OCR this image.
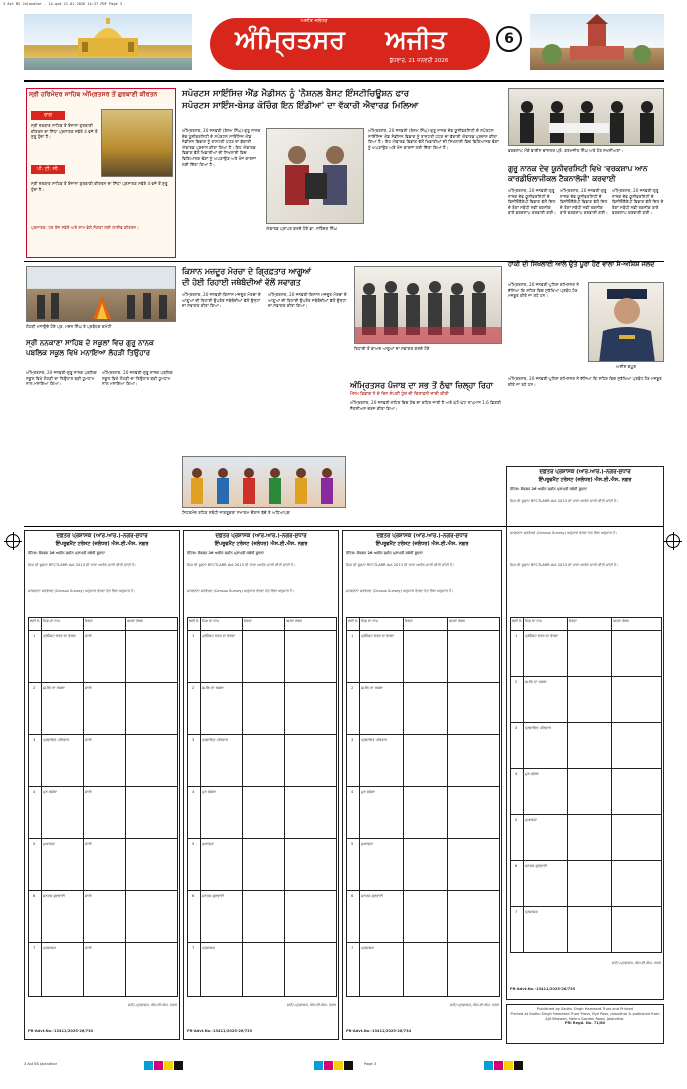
3 Ast BS Jalandhar - 1G.qxd 21.01.2026 14:37 PDF Page 3
ਅਜੀਤ ਜਲੰਧਰ
ਅੰਮ੍ਰਿਤਸਰ	ਅਜੀਤ
ਬੁੱਧਵਾਰ, 21 ਜਨਵਰੀ 2026
6
ਸ੍ਰੀ ਹਰਿਮੰਦਰ ਸਾਹਿਬ ਅੰਮ੍ਰਿਤਸਰ ਤੋਂ ਗੁਰਬਾਣੀ ਕੀਰਤਨ
ਰਾਗ
ਸ੍ਰੀ ਦਰਬਾਰ ਸਾਹਿਬ ਤੋਂ ਰੋਜ਼ਾਨਾ ਗੁਰਬਾਣੀ ਕੀਰਤਨ ਦਾ ਸਿੱਧਾ ਪ੍ਰਸਾਰਣ ਸਵੇਰੇ 4 ਵਜੇ ਤੋਂ ਸ਼ੁਰੂ ਹੁੰਦਾ ਹੈ।
ਪੀ. ਟੀ. ਸੀ.
ਸ੍ਰੀ ਦਰਬਾਰ ਸਾਹਿਬ ਤੋਂ ਰੋਜ਼ਾਨਾ ਗੁਰਬਾਣੀ ਕੀਰਤਨ ਦਾ ਸਿੱਧਾ ਪ੍ਰਸਾਰਣ ਸਵੇਰੇ 4 ਵਜੇ ਤੋਂ ਸ਼ੁਰੂ ਹੁੰਦਾ ਹੈ।
ਪ੍ਰਸਾਰਣ: ਹਰ ਰੋਜ਼ ਸਵੇਰੇ ਅਤੇ ਸ਼ਾਮ ਵੇਲੇ ਸੰਗਤਾਂ ਲਈ ਲਾਈਵ ਕੀਰਤਨ।
ਸਪੋਰਟਸ ਸਾਇੰਸਿਜ਼ ਐਂਡ ਮੈਡੀਸਨ ਨੂੰ 'ਨੈਸ਼ਨਲ ਬੈਸਟ ਇੰਸਟੀਚਿਊਸ਼ਨ ਫਾਰ
ਸਪੋਰਟਸ ਸਾਇੰਸ-ਬੇਸਡ ਕੋਚਿੰਗ ਇਨ ਇੰਡੀਆ' ਦਾ ਵੱਕਾਰੀ ਐਵਾਰਡ ਮਿਲਿਆ
ਅੰਮ੍ਰਿਤਸਰ, 20 ਜਨਵਰੀ (ਰੇਸ਼ਮ ਸਿੰਘ)-ਗੁਰੂ ਨਾਨਕ ਦੇਵ ਯੂਨੀਵਰਸਿਟੀ ਦੇ ਸਪੋਰਟਸ ਸਾਇੰਸਿਜ਼ ਐਂਡ ਮੈਡੀਸਨ ਵਿਭਾਗ ਨੂੰ ਰਾਸ਼ਟਰੀ ਪੱਧਰ ਦਾ ਵੱਕਾਰੀ ਐਵਾਰਡ ਪ੍ਰਦਾਨ ਕੀਤਾ ਗਿਆ ਹੈ। ਇਹ ਐਵਾਰਡ ਵਿਭਾਗ ਵੱਲੋਂ ਖਿਡਾਰੀਆਂ ਦੀ ਸਿਖਲਾਈ ਵਿਚ ਵਿਗਿਆਨਕ ਢੰਗਾਂ ਨੂੰ ਅਪਣਾਉਣ ਅਤੇ ਖੋਜ ਕਾਰਜਾਂ ਲਈ ਦਿੱਤਾ ਗਿਆ ਹੈ।
ਐਵਾਰਡ ਪ੍ਰਾਪਤ ਕਰਦੇ ਹੋਏ ਡਾ. ਸਤਿੰਦਰ ਸਿੰਘ
ਅੰਮ੍ਰਿਤਸਰ, 20 ਜਨਵਰੀ (ਰੇਸ਼ਮ ਸਿੰਘ)-ਗੁਰੂ ਨਾਨਕ ਦੇਵ ਯੂਨੀਵਰਸਿਟੀ ਦੇ ਸਪੋਰਟਸ ਸਾਇੰਸਿਜ਼ ਐਂਡ ਮੈਡੀਸਨ ਵਿਭਾਗ ਨੂੰ ਰਾਸ਼ਟਰੀ ਪੱਧਰ ਦਾ ਵੱਕਾਰੀ ਐਵਾਰਡ ਪ੍ਰਦਾਨ ਕੀਤਾ ਗਿਆ ਹੈ। ਇਹ ਐਵਾਰਡ ਵਿਭਾਗ ਵੱਲੋਂ ਖਿਡਾਰੀਆਂ ਦੀ ਸਿਖਲਾਈ ਵਿਚ ਵਿਗਿਆਨਕ ਢੰਗਾਂ ਨੂੰ ਅਪਣਾਉਣ ਅਤੇ ਖੋਜ ਕਾਰਜਾਂ ਲਈ ਦਿੱਤਾ ਗਿਆ ਹੈ।
ਵਰਕਸ਼ਾਪ ਮੌਕੇ ਵਾਈਸ ਚਾਂਸਲਰ ਪ੍ਰੋ. ਕਰਮਜੀਤ ਸਿੰਘ ਅਤੇ ਹੋਰ ਸ਼ਖਸੀਅਤਾਂ।
ਗੁਰੂ ਨਾਨਕ ਦੇਵ ਯੂਨੀਵਰਸਿਟੀ ਵਿਖੇ 'ਵਰਕਸ਼ਾਪ ਆਨ ਕਾਰਡੀਓਲਾਜੀਕਲ ਟੈਕਨਾਲੋਜੀ' ਕਰਵਾਈ
ਅੰਮ੍ਰਿਤਸਰ, 20 ਜਨਵਰੀ-ਗੁਰੂ ਨਾਨਕ ਦੇਵ ਯੂਨੀਵਰਸਿਟੀ ਦੇ ਫਿਜ਼ੀਓਥੈਰੇਪੀ ਵਿਭਾਗ ਵੱਲੋਂ ਦਿਲ ਦੇ ਰੋਗਾਂ ਸਬੰਧੀ ਨਵੀਂ ਤਕਨੀਕ ਬਾਰੇ ਵਰਕਸ਼ਾਪ ਕਰਵਾਈ ਗਈ।
ਅੰਮ੍ਰਿਤਸਰ, 20 ਜਨਵਰੀ-ਗੁਰੂ ਨਾਨਕ ਦੇਵ ਯੂਨੀਵਰਸਿਟੀ ਦੇ ਫਿਜ਼ੀਓਥੈਰੇਪੀ ਵਿਭਾਗ ਵੱਲੋਂ ਦਿਲ ਦੇ ਰੋਗਾਂ ਸਬੰਧੀ ਨਵੀਂ ਤਕਨੀਕ ਬਾਰੇ ਵਰਕਸ਼ਾਪ ਕਰਵਾਈ ਗਈ।
ਅੰਮ੍ਰਿਤਸਰ, 20 ਜਨਵਰੀ-ਗੁਰੂ ਨਾਨਕ ਦੇਵ ਯੂਨੀਵਰਸਿਟੀ ਦੇ ਫਿਜ਼ੀਓਥੈਰੇਪੀ ਵਿਭਾਗ ਵੱਲੋਂ ਦਿਲ ਦੇ ਰੋਗਾਂ ਸਬੰਧੀ ਨਵੀਂ ਤਕਨੀਕ ਬਾਰੇ ਵਰਕਸ਼ਾਪ ਕਰਵਾਈ ਗਈ।
ਲੋਹੜੀ ਮਨਾਉਂਦੇ ਹੋਏ ਪ੍ਰ. ਮਦਨ ਸਿੰਘ ਤੇ ਪ੍ਰਬੰਧਕ ਕਮੇਟੀ
ਸ੍ਰੀ ਨਨਕਾਣਾ ਸਾਹਿਬ ਦੇ ਸਕੂਲਾਂ ਵਿਚ ਗੁਰੂ ਨਾਨਕ ਪਬਲਿਕ ਸਕੂਲ ਵਿਖੇ ਮਨਾਇਆ ਲੋਹੜੀ ਤਿਉਹਾਰ
ਅੰਮ੍ਰਿਤਸਰ, 20 ਜਨਵਰੀ-ਗੁਰੂ ਨਾਨਕ ਪਬਲਿਕ ਸਕੂਲ ਵਿਖੇ ਲੋਹੜੀ ਦਾ ਤਿਉਹਾਰ ਬੜੀ ਧੂਮਧਾਮ ਨਾਲ ਮਨਾਇਆ ਗਿਆ।
ਅੰਮ੍ਰਿਤਸਰ, 20 ਜਨਵਰੀ-ਗੁਰੂ ਨਾਨਕ ਪਬਲਿਕ ਸਕੂਲ ਵਿਖੇ ਲੋਹੜੀ ਦਾ ਤਿਉਹਾਰ ਬੜੀ ਧੂਮਧਾਮ ਨਾਲ ਮਨਾਇਆ ਗਿਆ।
ਕਿਸਾਨ ਮਜ਼ਦੂਰ ਮੋਰਚਾ ਦੇ ਗ੍ਰਿਫ਼ਤਾਰ ਆਗੂਆਂ
ਦੀ ਹੋਈ ਰਿਹਾਈ ਜਥੇਬੰਦੀਆਂ ਵੱਲੋਂ ਸਵਾਗਤ
ਅੰਮ੍ਰਿਤਸਰ, 20 ਜਨਵਰੀ-ਕਿਸਾਨ ਮਜ਼ਦੂਰ ਮੋਰਚਾ ਦੇ ਆਗੂਆਂ ਦੀ ਰਿਹਾਈ ਉਪਰੰਤ ਜਥੇਬੰਦੀਆਂ ਵੱਲੋਂ ਉਨ੍ਹਾਂ ਦਾ ਸਵਾਗਤ ਕੀਤਾ ਗਿਆ।
ਅੰਮ੍ਰਿਤਸਰ, 20 ਜਨਵਰੀ-ਕਿਸਾਨ ਮਜ਼ਦੂਰ ਮੋਰਚਾ ਦੇ ਆਗੂਆਂ ਦੀ ਰਿਹਾਈ ਉਪਰੰਤ ਜਥੇਬੰਦੀਆਂ ਵੱਲੋਂ ਉਨ੍ਹਾਂ ਦਾ ਸਵਾਗਤ ਕੀਤਾ ਗਿਆ।
ਰਿਹਾਈ ਤੋਂ ਬਾਅਦ ਆਗੂਆਂ ਦਾ ਸਵਾਗਤ ਕਰਦੇ ਹੋਏ
ਅੰਮ੍ਰਿਤਸਰ ਪੰਜਾਬ ਦਾ ਸਭ ਤੋਂ ਠੰਢਾ ਜ਼ਿਲ੍ਹਾ ਰਿਹਾ
ਮੌਸਮ ਵਿਭਾਗ ਨੇ ਦੋ ਦਿਨ ਸੰਘਣੀ ਧੁੰਦ ਦੀ ਚਿਤਾਵਨੀ ਜਾਰੀ ਕੀਤੀ
ਅੰਮ੍ਰਿਤਸਰ, 20 ਜਨਵਰੀ-ਸ਼ਹਿਰ ਵਿਚ ਠੰਢ ਦਾ ਕਹਿਰ ਜਾਰੀ ਹੈ ਅਤੇ ਘੱਟੋ-ਘੱਟ ਤਾਪਮਾਨ 1.6 ਡਿਗਰੀ ਸੈਲਸੀਅਸ ਦਰਜ ਕੀਤਾ ਗਿਆ।
ਸਿਹਤਮੰਦ ਰਹਿਣ ਸਬੰਧੀ ਜਾਗਰੂਕਤਾ ਸਮਾਗਮ ਦੌਰਾਨ ਬੱਚੇ ਤੇ ਅਧਿਆਪਕ
ਹਾਕੀ ਦੀ ਸਿਖਲਾਈ ਆਲੇ ਉਤੇ ਪੂਰਾ ਹੋਣ ਵਾਲਾ ਸੇ-ਅਸ਼ਿਸ਼ ਜਲਦ
ਅੰਮ੍ਰਿਤਸਰ, 20 ਜਨਵਰੀ-ਪੁਲਿਸ ਕਮਿਸ਼ਨਰ ਨੇ ਦੱਸਿਆ ਕਿ ਸ਼ਹਿਰ ਵਿਚ ਸੁਰੱਖਿਆ ਪ੍ਰਬੰਧ ਹੋਰ ਮਜ਼ਬੂਤ ਕੀਤੇ ਜਾ ਰਹੇ ਹਨ।
ਅਸ਼ੀਸ਼ ਕਪੂਰ
ਅੰਮ੍ਰਿਤਸਰ, 20 ਜਨਵਰੀ-ਪੁਲਿਸ ਕਮਿਸ਼ਨਰ ਨੇ ਦੱਸਿਆ ਕਿ ਸ਼ਹਿਰ ਵਿਚ ਸੁਰੱਖਿਆ ਪ੍ਰਬੰਧ ਹੋਰ ਮਜ਼ਬੂਤ ਕੀਤੇ ਜਾ ਰਹੇ ਹਨ।
ਦਫ਼ਤਰ ਪ੍ਰਸ਼ਾਸਕ (ਆਰ.ਆਰ.)-ਨਗਰ-ਸੁਧਾਰ
ਇੰਪਰੂਵਮੈਂਟ ਟਰੱਸਟ (ਜਲੰਧਰ) ਐਸ.ਈ.ਐਸ. ਨਗਰ
ਨੋਟਿਸ: ਸੈਕਸ਼ਨ 26 ਅਧੀਨ ਜ਼ਮੀਨ ਪ੍ਰਾਪਤੀ ਸਬੰਧੀ ਸੂਚਨਾ
ਜਿਸ ਦੀ ਸੂਚਨਾ RFCTLARR Act 2013 ਦੀ ਧਾਰਾ ਅਧੀਨ ਜਾਰੀ ਕੀਤੀ ਜਾਂਦੀ ਹੈ।
ਜਨਗਣਨਾ ਸਰਵੇਖਣ (Census Survey) ਅਨੁਸਾਰ ਵੇਰਵਾ ਹੇਠ ਲਿਖੇ ਅਨੁਸਾਰ ਹੈ।
ਲੜੀ ਨੰ. ਪਿੰਡ ਦਾ ਨਾਮ	ਵੇਰਵਾ	ਖਸਰਾ ਨੰਬਰ
1 ਪ੍ਰੋਜੈਕਟ ਖੇਤਰ ਦਾ ਵੇਰਵਾ	ਜਾਰੀ
2 ਜ਼ਮੀਨ ਦਾ ਰਕਬਾ	ਜਾਰੀ
3 ਪ੍ਰਭਾਵਿਤ ਪਰਿਵਾਰ	ਜਾਰੀ
4 ਮੁੜ ਵਸੇਬਾ	ਜਾਰੀ
5 ਮੁਆਵਜ਼ਾ	ਜਾਰੀ
6 ਜਨਤਕ ਸੁਣਵਾਈ	ਜਾਰੀ
7 ਪ੍ਰਸ਼ਾਸਕ	ਜਾਰੀ
ਸਹੀ/-ਪ੍ਰਸ਼ਾਸਕ, ਐਸ.ਈ.ਐਸ. ਨਗਰ
PR-Advt.No.-13411/2025-26/730
ਦਫ਼ਤਰ ਪ੍ਰਸ਼ਾਸਕ (ਆਰ.ਆਰ.)-ਨਗਰ-ਸੁਧਾਰ
ਇੰਪਰੂਵਮੈਂਟ ਟਰੱਸਟ (ਜਲੰਧਰ) ਐਸ.ਈ.ਐਸ. ਨਗਰ
ਨੋਟਿਸ: ਸੈਕਸ਼ਨ 26 ਅਧੀਨ ਜ਼ਮੀਨ ਪ੍ਰਾਪਤੀ ਸਬੰਧੀ ਸੂਚਨਾ
ਜਿਸ ਦੀ ਸੂਚਨਾ RFCTLARR Act 2013 ਦੀ ਧਾਰਾ ਅਧੀਨ ਜਾਰੀ ਕੀਤੀ ਜਾਂਦੀ ਹੈ।
ਜਨਗਣਨਾ ਸਰਵੇਖਣ (Census Survey) ਅਨੁਸਾਰ ਵੇਰਵਾ ਹੇਠ ਲਿਖੇ ਅਨੁਸਾਰ ਹੈ।
ਲੜੀ ਨੰ. ਪਿੰਡ ਦਾ ਨਾਮ	ਵੇਰਵਾ	ਖਸਰਾ ਨੰਬਰ
1 ਪ੍ਰੋਜੈਕਟ ਖੇਤਰ ਦਾ ਵੇਰਵਾ
2 ਜ਼ਮੀਨ ਦਾ ਰਕਬਾ
3 ਪ੍ਰਭਾਵਿਤ ਪਰਿਵਾਰ
4 ਮੁੜ ਵਸੇਬਾ
5 ਮੁਆਵਜ਼ਾ
6 ਜਨਤਕ ਸੁਣਵਾਈ
7 ਪ੍ਰਸ਼ਾਸਕ
ਸਹੀ/-ਪ੍ਰਸ਼ਾਸਕ, ਐਸ.ਈ.ਐਸ. ਨਗਰ
PR-Advt.No.-13411/2025-26/733
ਦਫ਼ਤਰ ਪ੍ਰਸ਼ਾਸਕ (ਆਰ.ਆਰ.)-ਨਗਰ-ਸੁਧਾਰ
ਇੰਪਰੂਵਮੈਂਟ ਟਰੱਸਟ (ਜਲੰਧਰ) ਐਸ.ਈ.ਐਸ. ਨਗਰ
ਨੋਟਿਸ: ਸੈਕਸ਼ਨ 26 ਅਧੀਨ ਜ਼ਮੀਨ ਪ੍ਰਾਪਤੀ ਸਬੰਧੀ ਸੂਚਨਾ
ਜਿਸ ਦੀ ਸੂਚਨਾ RFCTLARR Act 2013 ਦੀ ਧਾਰਾ ਅਧੀਨ ਜਾਰੀ ਕੀਤੀ ਜਾਂਦੀ ਹੈ।
ਜਨਗਣਨਾ ਸਰਵੇਖਣ (Census Survey) ਅਨੁਸਾਰ ਵੇਰਵਾ ਹੇਠ ਲਿਖੇ ਅਨੁਸਾਰ ਹੈ।
ਲੜੀ ਨੰ. ਪਿੰਡ ਦਾ ਨਾਮ	ਵੇਰਵਾ	ਖਸਰਾ ਨੰਬਰ
1 ਪ੍ਰੋਜੈਕਟ ਖੇਤਰ ਦਾ ਵੇਰਵਾ
2 ਜ਼ਮੀਨ ਦਾ ਰਕਬਾ
3 ਪ੍ਰਭਾਵਿਤ ਪਰਿਵਾਰ
4 ਮੁੜ ਵਸੇਬਾ
5 ਮੁਆਵਜ਼ਾ
6 ਜਨਤਕ ਸੁਣਵਾਈ
7 ਪ੍ਰਸ਼ਾਸਕ
ਸਹੀ/-ਪ੍ਰਸ਼ਾਸਕ, ਐਸ.ਈ.ਐਸ. ਨਗਰ
PR-Advt.No.-13411/2025-26/734
ਦਫ਼ਤਰ ਪ੍ਰਸ਼ਾਸਕ (ਆਰ.ਆਰ.)-ਨਗਰ-ਸੁਧਾਰ
ਇੰਪਰੂਵਮੈਂਟ ਟਰੱਸਟ (ਜਲੰਧਰ) ਐਸ.ਈ.ਐਸ. ਨਗਰ
ਨੋਟਿਸ: ਸੈਕਸ਼ਨ 26 ਅਧੀਨ ਜ਼ਮੀਨ ਪ੍ਰਾਪਤੀ ਸਬੰਧੀ ਸੂਚਨਾ
ਜਿਸ ਦੀ ਸੂਚਨਾ RFCTLARR Act 2013 ਦੀ ਧਾਰਾ ਅਧੀਨ ਜਾਰੀ ਕੀਤੀ ਜਾਂਦੀ ਹੈ।
ਜਨਗਣਨਾ ਸਰਵੇਖਣ (Census Survey) ਅਨੁਸਾਰ ਵੇਰਵਾ ਹੇਠ ਲਿਖੇ ਅਨੁਸਾਰ ਹੈ।
ਜਿਸ ਦੀ ਸੂਚਨਾ RFCTLARR Act 2013 ਦੀ ਧਾਰਾ ਅਧੀਨ ਜਾਰੀ ਕੀਤੀ ਜਾਂਦੀ ਹੈ।
ਲੜੀ ਨੰ. ਪਿੰਡ ਦਾ ਨਾਮ	ਵੇਰਵਾ	ਖਸਰਾ ਨੰਬਰ
1 ਪ੍ਰੋਜੈਕਟ ਖੇਤਰ ਦਾ ਵੇਰਵਾ
2 ਜ਼ਮੀਨ ਦਾ ਰਕਬਾ
3 ਪ੍ਰਭਾਵਿਤ ਪਰਿਵਾਰ
4 ਮੁੜ ਵਸੇਬਾ
5 ਮੁਆਵਜ਼ਾ
6 ਜਨਤਕ ਸੁਣਵਾਈ
7 ਪ੍ਰਸ਼ਾਸਕ
ਸਹੀ/-ਪ੍ਰਸ਼ਾਸਕ, ਐਸ.ਈ.ਐਸ. ਨਗਰ
PR-Advt.No.-13411/2025-26/735
Published by Sadhu Singh Hamdard Trust and Printed
Printed at Sadhu Singh Hamdard Trust Press, Bye Pass, Jalandhar & published from
Ajit Bhawan, Nehru Garden Road, Jalandhar.
PRI Regd. No. 71/80
3 Ast BS Jalandhar	Page 3
